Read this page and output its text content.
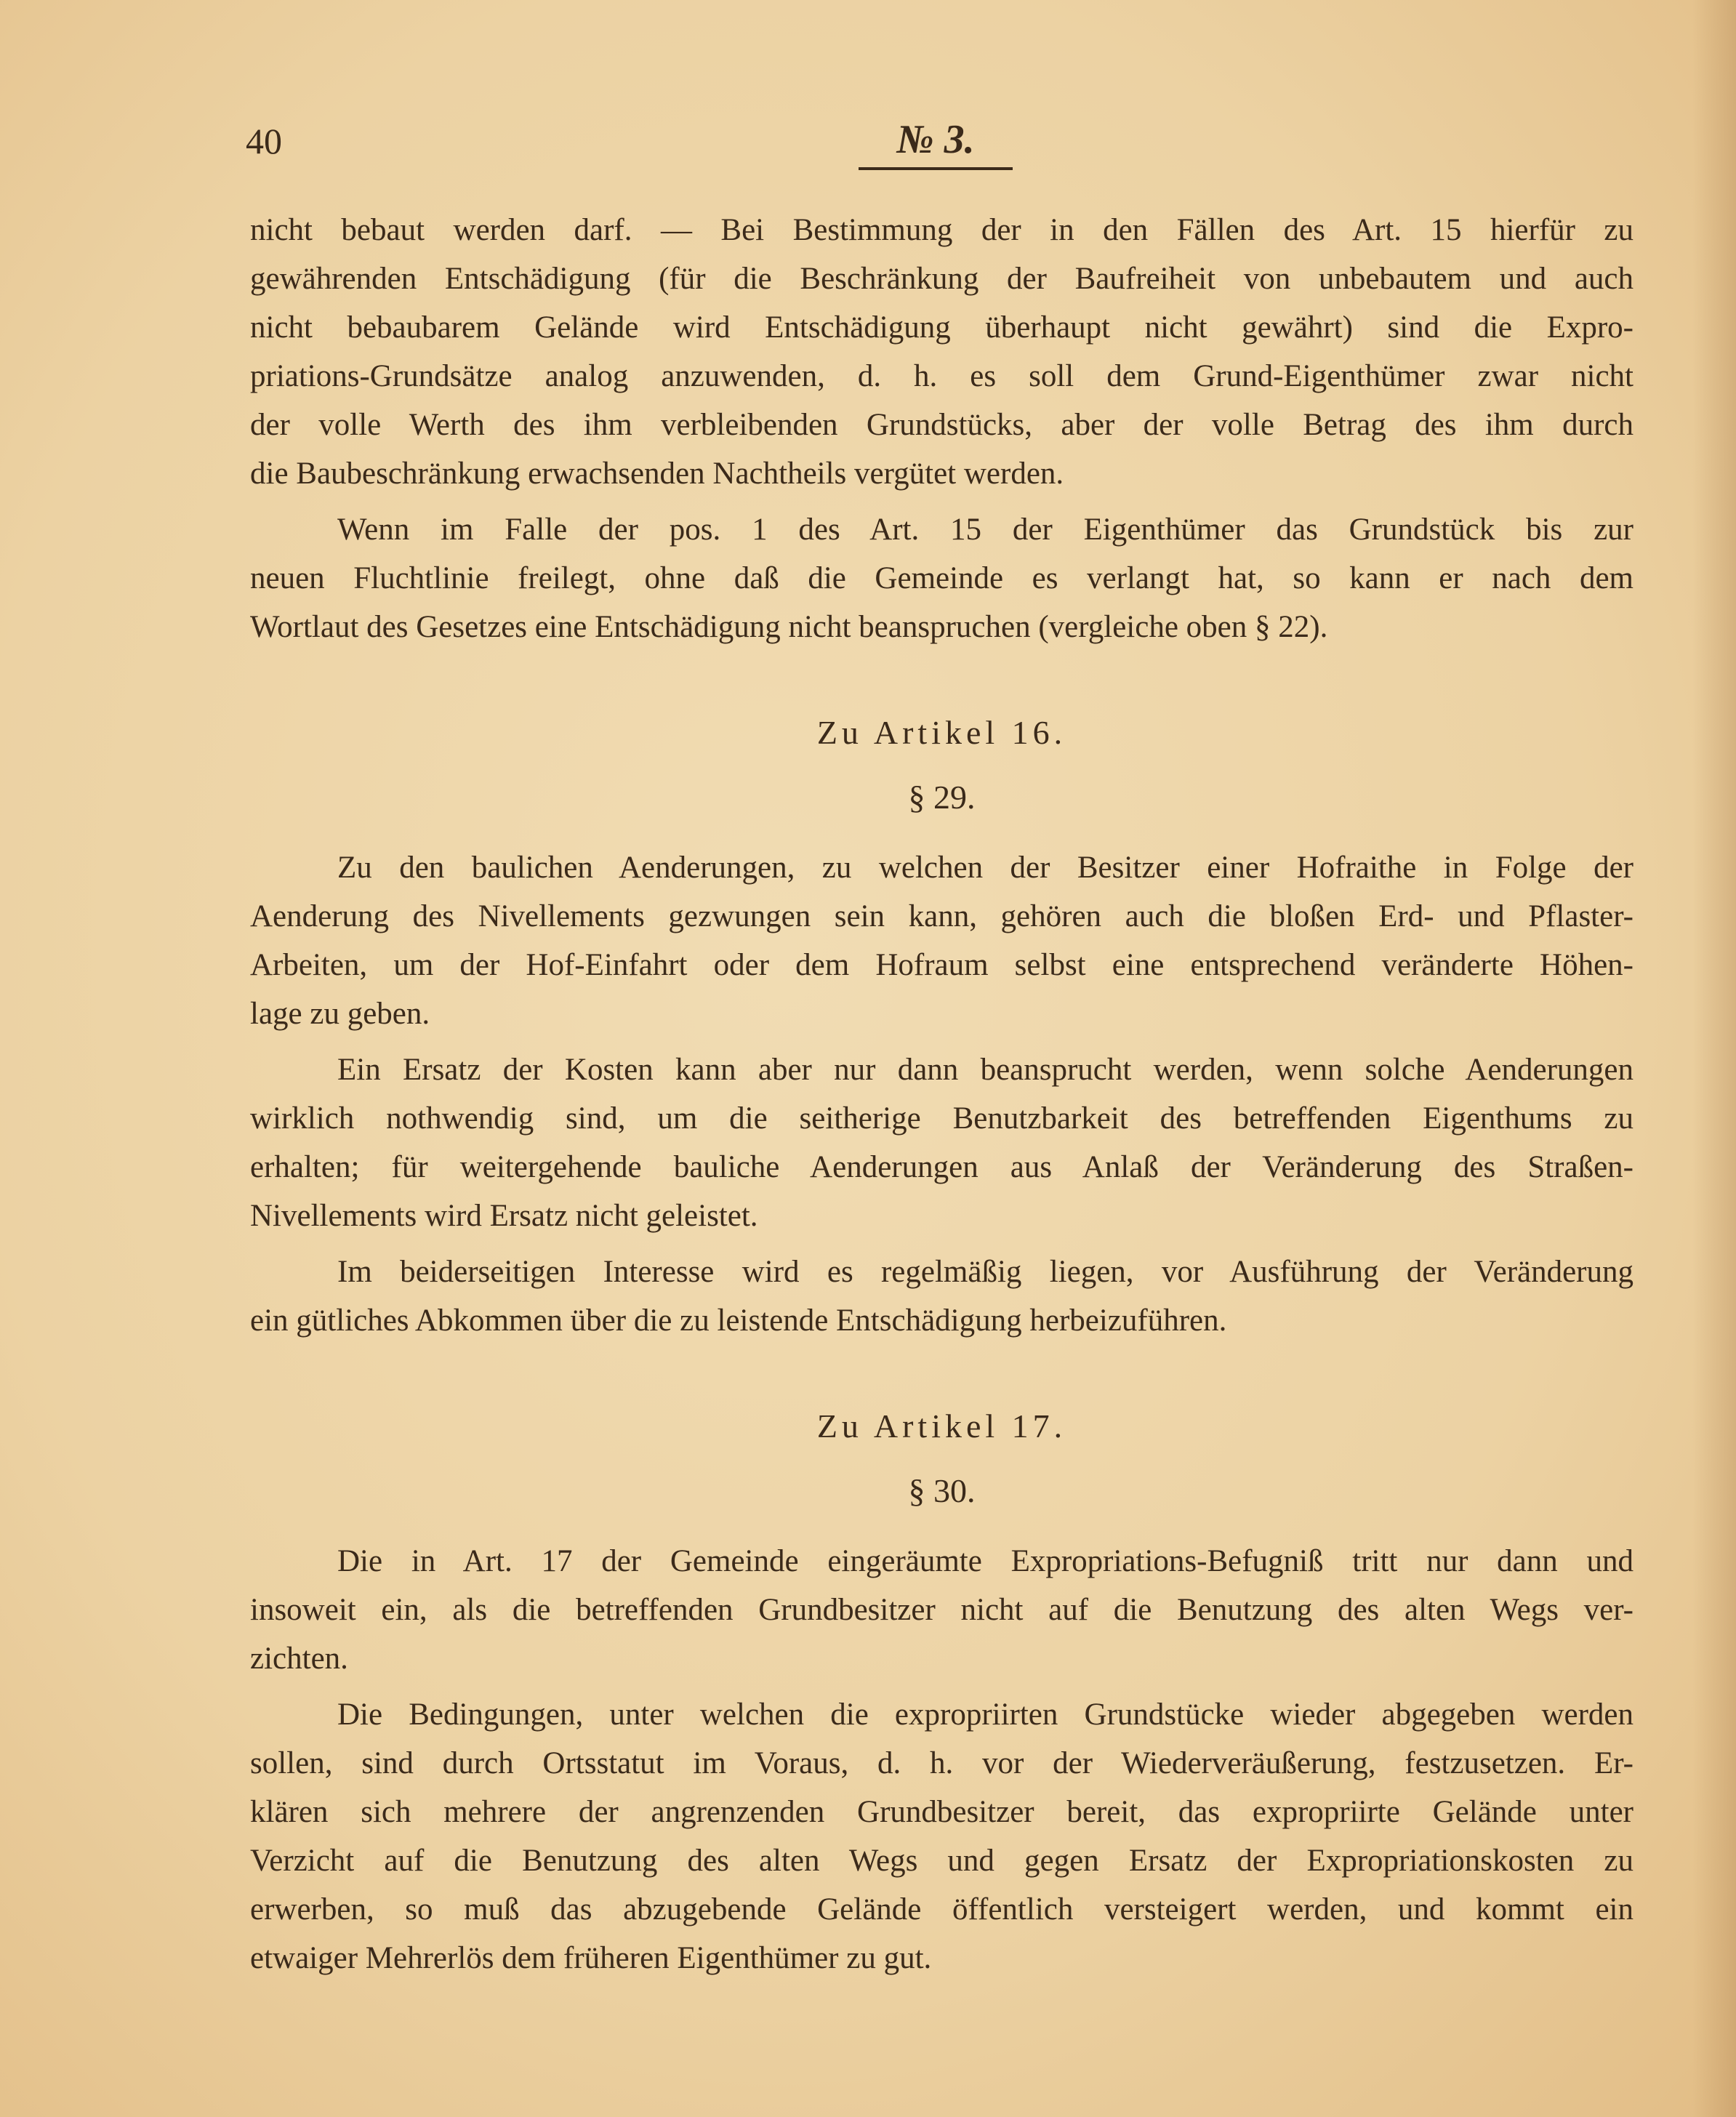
40	№ 3.
nicht bebaut werden darf. — Bei Bestimmung der in den Fällen des Art. 15 hierfür zu
gewährenden Entschädigung (für die Beschränkung der Baufreiheit von unbebautem und auch
nicht bebaubarem Gelände wird Entschädigung überhaupt nicht gewährt) sind die Expro-
priations-Grundsätze analog anzuwenden, d. h. es soll dem Grund-Eigenthümer zwar nicht
der volle Werth des ihm verbleibenden Grundstücks, aber der volle Betrag des ihm durch
die Baubeschränkung erwachsenden Nachtheils vergütet werden.
Wenn im Falle der pos. 1 des Art. 15 der Eigenthümer das Grundstück bis zur
neuen Fluchtlinie freilegt, ohne daß die Gemeinde es verlangt hat, so kann er nach dem
Wortlaut des Gesetzes eine Entschädigung nicht beanspruchen (vergleiche oben § 22).
Zu Artikel 16.
§ 29.
Zu den baulichen Aenderungen, zu welchen der Besitzer einer Hofraithe in Folge der
Aenderung des Nivellements gezwungen sein kann, gehören auch die bloßen Erd- und Pflaster-
Arbeiten, um der Hof-Einfahrt oder dem Hofraum selbst eine entsprechend veränderte Höhen-
lage zu geben.
Ein Ersatz der Kosten kann aber nur dann beansprucht werden, wenn solche Aenderungen
wirklich nothwendig sind, um die seitherige Benutzbarkeit des betreffenden Eigenthums zu
erhalten; für weitergehende bauliche Aenderungen aus Anlaß der Veränderung des Straßen-
Nivellements wird Ersatz nicht geleistet.
Im beiderseitigen Interesse wird es regelmäßig liegen, vor Ausführung der Veränderung
ein gütliches Abkommen über die zu leistende Entschädigung herbeizuführen.
Zu Artikel 17.
§ 30.
Die in Art. 17 der Gemeinde eingeräumte Expropriations-Befugniß tritt nur dann und
insoweit ein, als die betreffenden Grundbesitzer nicht auf die Benutzung des alten Wegs ver-
zichten.
Die Bedingungen, unter welchen die expropriirten Grundstücke wieder abgegeben werden
sollen, sind durch Ortsstatut im Voraus, d. h. vor der Wiederveräußerung, festzusetzen. Er-
klären sich mehrere der angrenzenden Grundbesitzer bereit, das expropriirte Gelände unter
Verzicht auf die Benutzung des alten Wegs und gegen Ersatz der Expropriationskosten zu
erwerben, so muß das abzugebende Gelände öffentlich versteigert werden, und kommt ein
etwaiger Mehrerlös dem früheren Eigenthümer zu gut.
